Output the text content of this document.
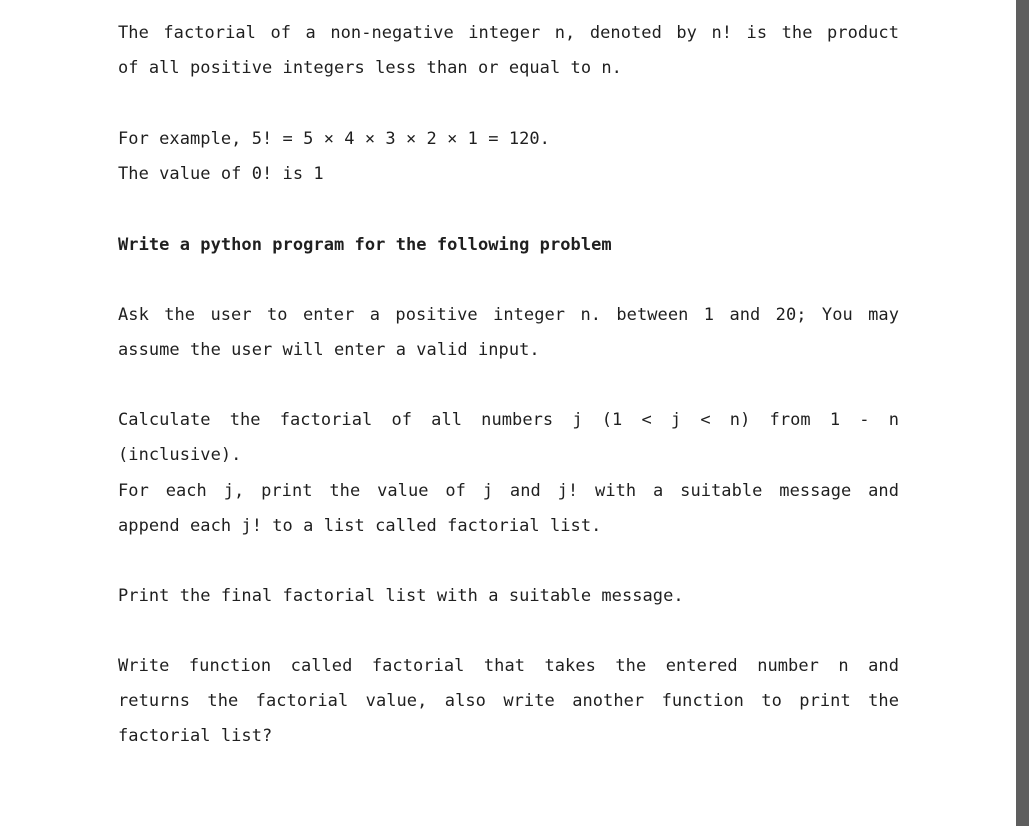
The factorial of a non-negative integer n, denoted by n! is the product
of all positive integers less than or equal to n.
For example, 5! = 5 × 4 × 3 × 2 × 1 = 120.
The value of 0! is 1
Write a python program for the following problem
Ask the user to enter a positive integer n. between 1 and 20; You may
assume the user will enter a valid input.
Calculate the factorial of all numbers j (1 < j < n) from 1 - n
(inclusive).
For each j, print the value of j and j! with a suitable message and
append each j! to a list called factorial list.
Print the final factorial list with a suitable message.
Write function called factorial that takes the entered number n and
returns the factorial value, also write another function to print the
factorial list?
